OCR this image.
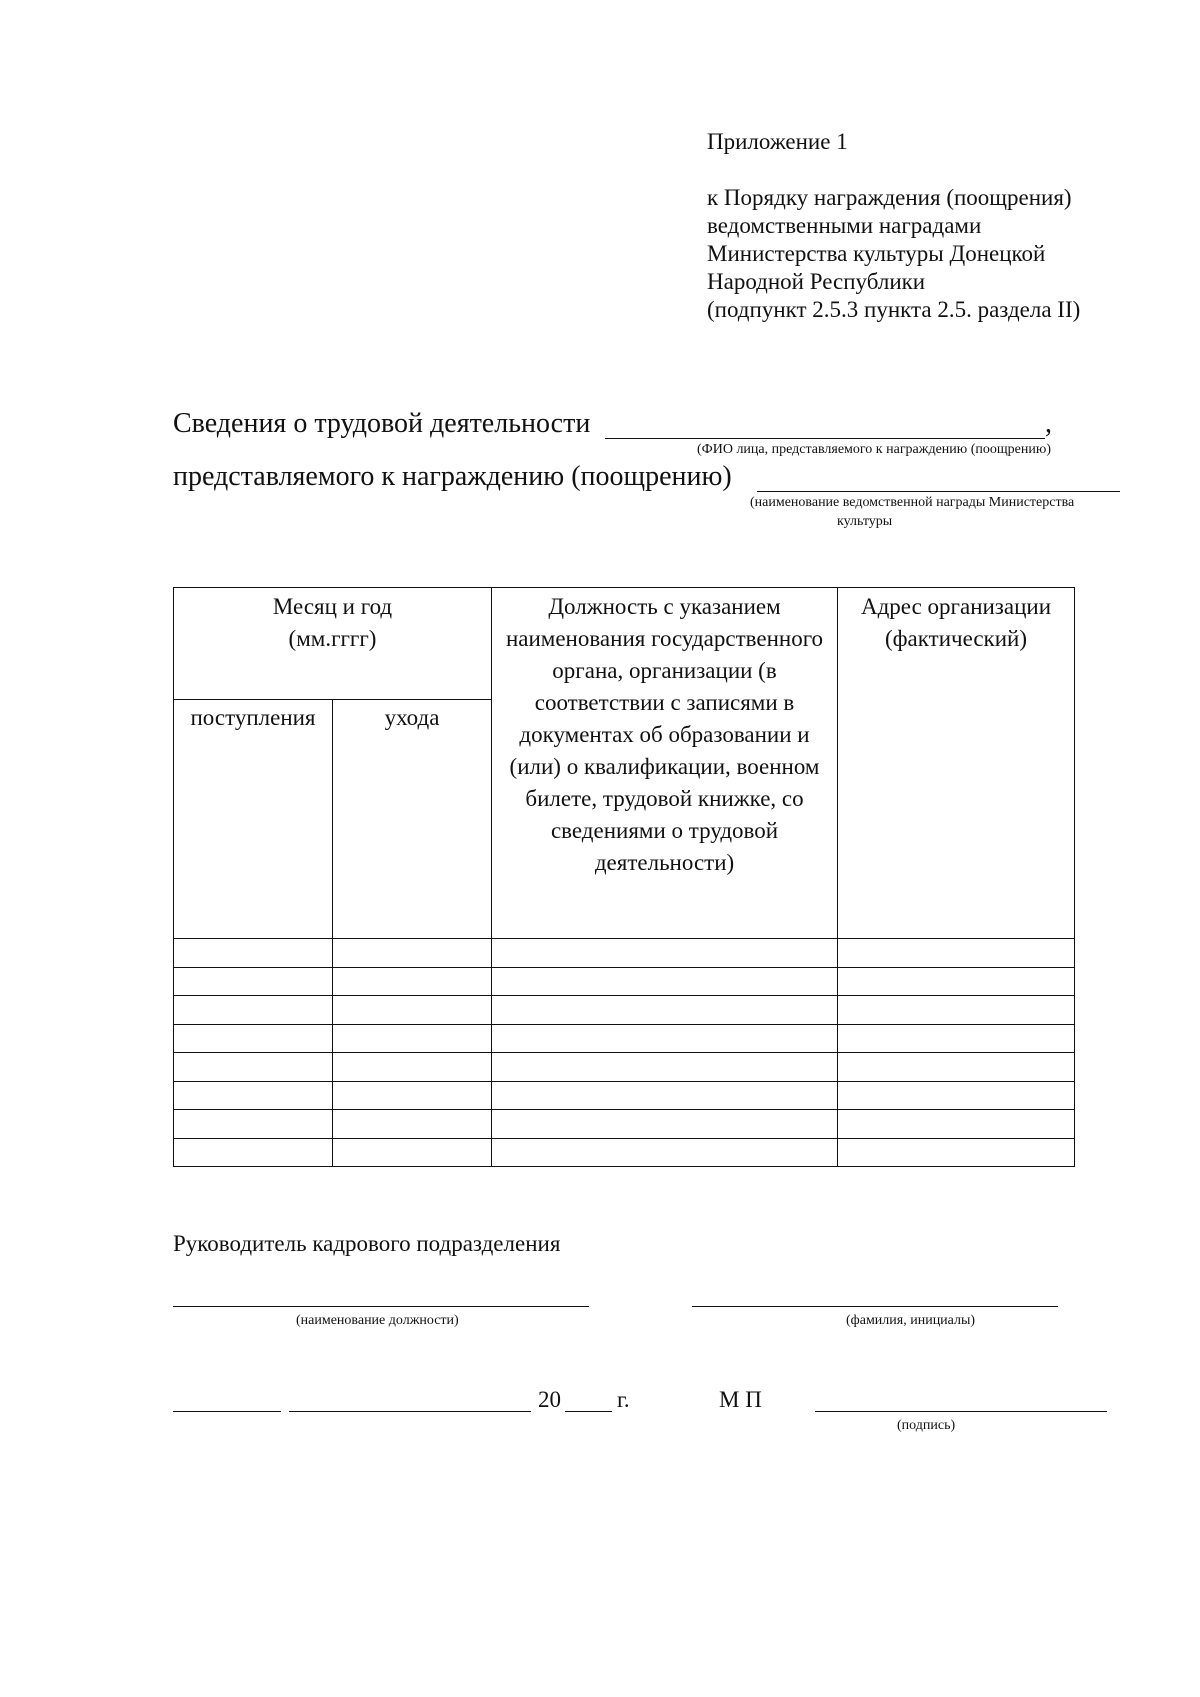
Приложение 1
к Порядку награждения (поощрения)
ведомственными наградами
Министерства культуры Донецкой
Народной Республики
(подпункт 2.5.3 пункта 2.5. раздела II)
Сведения о трудовой деятельности	,
(ФИО лица, представляемого к награждению (поощрению)
представляемого к награждению (поощрению)
(наименование ведомственной награды Министерства
культуры
Месяц и год
(мм.гггг)		Должность с указанием наименования государственного органа, организации (в соответствии с записями в документах об образовании и (или) о квалификации, военном билете, трудовой книжке, со сведениями о трудовой деятельности)	Адрес организации
(фактический)

поступления	ухода		

Руководитель кадрового подразделения
(наименование должности)	(фамилия, инициалы)
20 г.	М П
(подпись)
